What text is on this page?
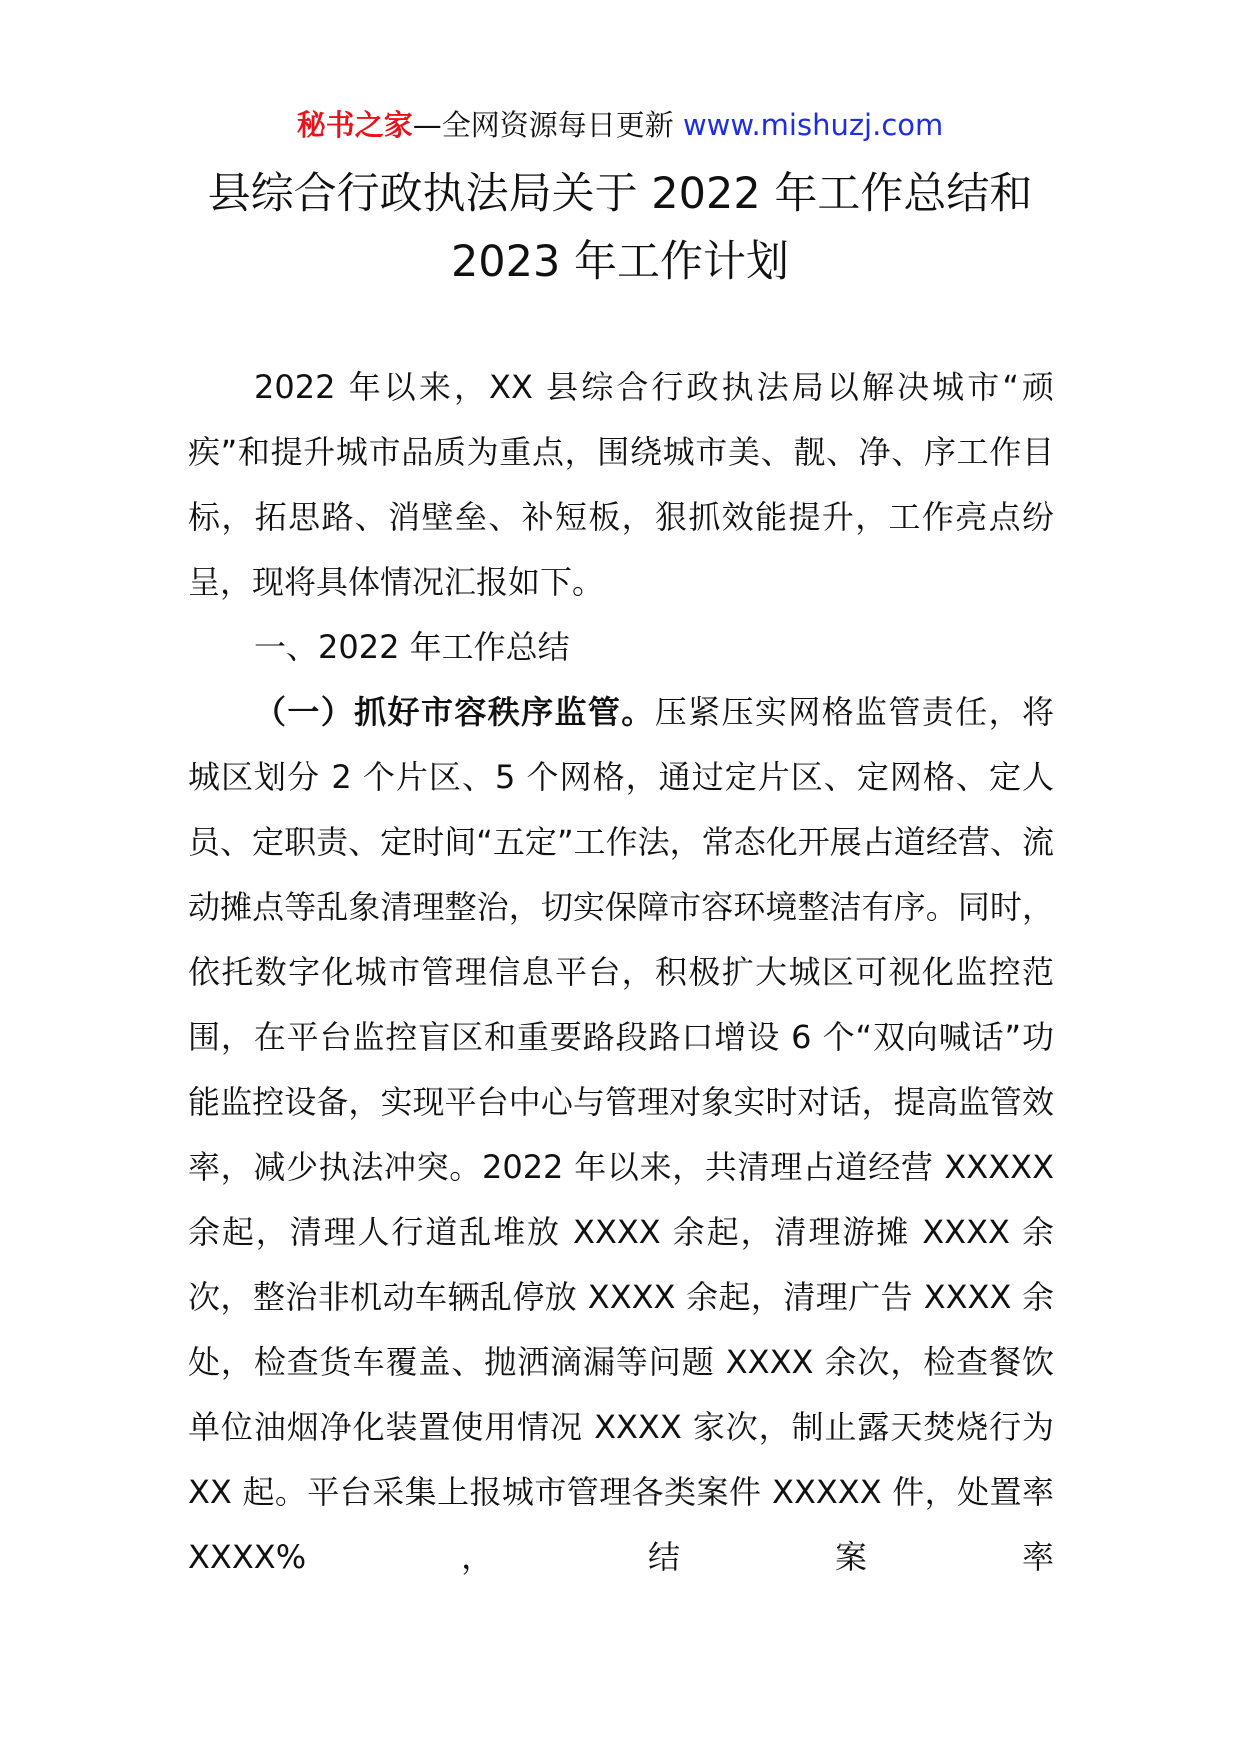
秘书之家—全网资源每日更新 www.mishuzj.com
县综合行政执法局关于 2022 年工作总结和
2023 年工作计划

2022 年以来，XX 县综合行政执法局以解决城市“顽疾”和提升城市品质为重点，围绕城市美、靓、净、序工作目标，拓思路、消壁垒、补短板，狠抓效能提升，工作亮点纷呈，现将具体情况汇报如下。

一、2022 年工作总结

（一）抓好市容秩序监管。压紧压实网格监管责任，将城区划分 2 个片区、5 个网格，通过定片区、定网格、定人员、定职责、定时间“五定”工作法，常态化开展占道经营、流动摊点等乱象清理整治，切实保障市容环境整洁有序。同时，依托数字化城市管理信息平台，积极扩大城区可视化监控范围，在平台监控盲区和重要路段路口增设 6 个“双向喊话”功能监控设备，实现平台中心与管理对象实时对话，提高监管效率，减少执法冲突。2022 年以来，共清理占道经营 XXXXX 余起，清理人行道乱堆放 XXXX 余起，清理游摊 XXXX 余次，整治非机动车辆乱停放 XXXX 余起，清理广告 XXXX 余处，检查货车覆盖、抛洒滴漏等问题 XXXX 余次，检查餐饮单位油烟净化装置使用情况 XXXX 家次，制止露天焚烧行为 XX 起。平台采集上报城市管理各类案件 XXXXX 件，处置率 XXXX%，结案率
